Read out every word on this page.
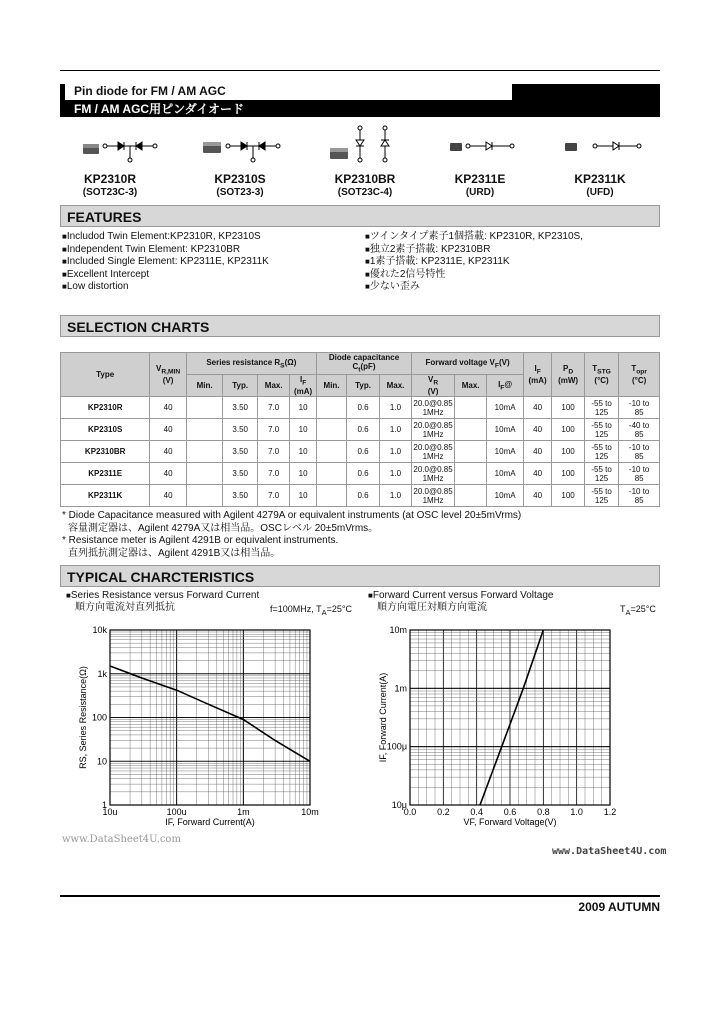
Pin diode for FM / AM AGC
FM / AM AGC用ピンダイオード
KP2310R
(SOT23C-3)
KP2310S
(SOT23-3)
KP2310BR
(SOT23C-4)
KP2311E
(URD)
KP2311K
(UFD)
FEATURES
■ Includod Twin Element:KP2310R, KP2310S
■ Independent Twin Element: KP2310BR
■ Included Single Element: KP2311E, KP2311K
■ Excellent Intercept
■ Low distortion
■ ツインタイプ素子1個搭載: KP2310R, KP2310S,
■ 独立2素子搭載: KP2310BR
■ 1素子搭載: KP2311E, KP2311K
■ 優れた2信号特性
■ 少ない歪み
SELECTION CHARTS
Type	$V_{R,MIN}$
(V)	Series resistance $R_S(\Omega)$				Diode capacitance
$C_t(pF)$			Forward voltage $V_F(V)$			$I_F$
(mA)	$P_D$
(mW)	$T_{STG}$
(°C)	$T_{opr}$
(°C)
		Min.	Typ.	Max.	$I_F$
(mA)	Min.	Typ.	Max.	$V_R$
(V)	Max.	$I_F@$				
KP2310R	40		3.50	7.0	10		0.6	1.0	20.0@0.85
1MHz		10mA	40	100	-55 to
125	-10 to
85
KP2310S	40		3.50	7.0	10		0.6	1.0	20.0@0.85
1MHz		10mA	40	100	-55 to
125	-40 to
85
KP2310BR	40		3.50	7.0	10		0.6	1.0	20.0@0.85
1MHz		10mA	40	100	-55 to
125	-10 to
85
KP2311E	40		3.50	7.0	10		0.6	1.0	20.0@0.85
1MHz		10mA	40	100	-55 to
125	-10 to
85
KP2311K	40		3.50	7.0	10		0.6	1.0	20.0@0.85
1MHz		10mA	40	100	-55 to
125	-10 to
85
* Diode Capacitance measured with Agilent 4279A or equivalent instruments (at OSC level 20±5mVrms)
容量測定器は、Agilent 4279A又は相当品。OSCレベル 20±5mVrms。
* Resistance meter is Agilent 4291B or equivalent instruments.
直列抵抗測定器は、Agilent 4291B又は相当品。
TYPICAL CHARCTERISTICS
■ Series Resistance versus Forward Current
順方向電流対直列抵抗	f=100MHz, $T_A=25^\circ C$
■ Forward Current versus Forward Voltage
順方向電圧対順方向電流	$T_A=25^\circ C$
10k
1k
100
10
1
10u	100u	1m	10m
IF, Forward Current(A)
RS, Series Resistance(Ω)
10m
1m
100μ
10μ
0.0 0.2 0.4 0.6 0.8 1.0 1.2
VF, Forward Voltage(V)
IF, Forward Current(A)
www.DataSheet4U.com
www.DataSheet4U.com
2009 AUTUMN
